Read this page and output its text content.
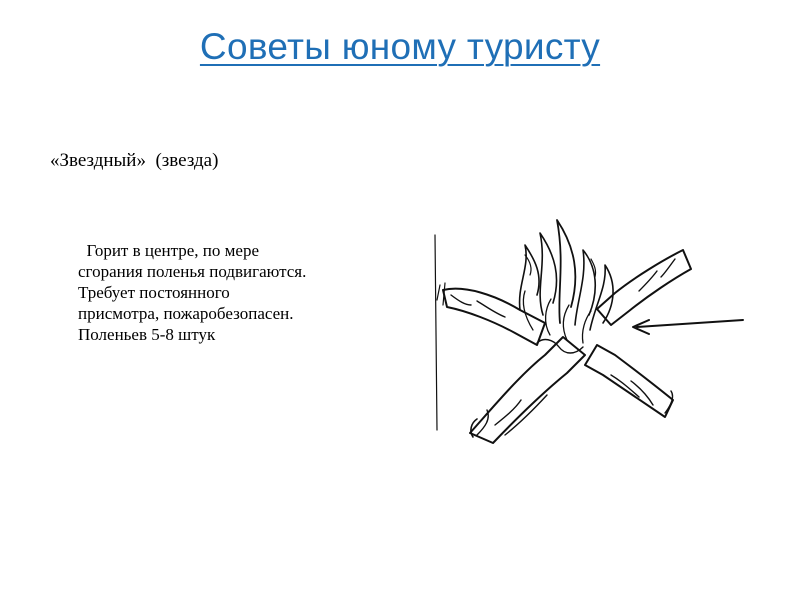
Советы юному туристу
«Звездный»  (звезда)
Горит в центре, по мере
сгорания поленья подвигаются.
Требует постоянного
присмотра, пожаробезопасен.
Поленьев 5-8 штук
